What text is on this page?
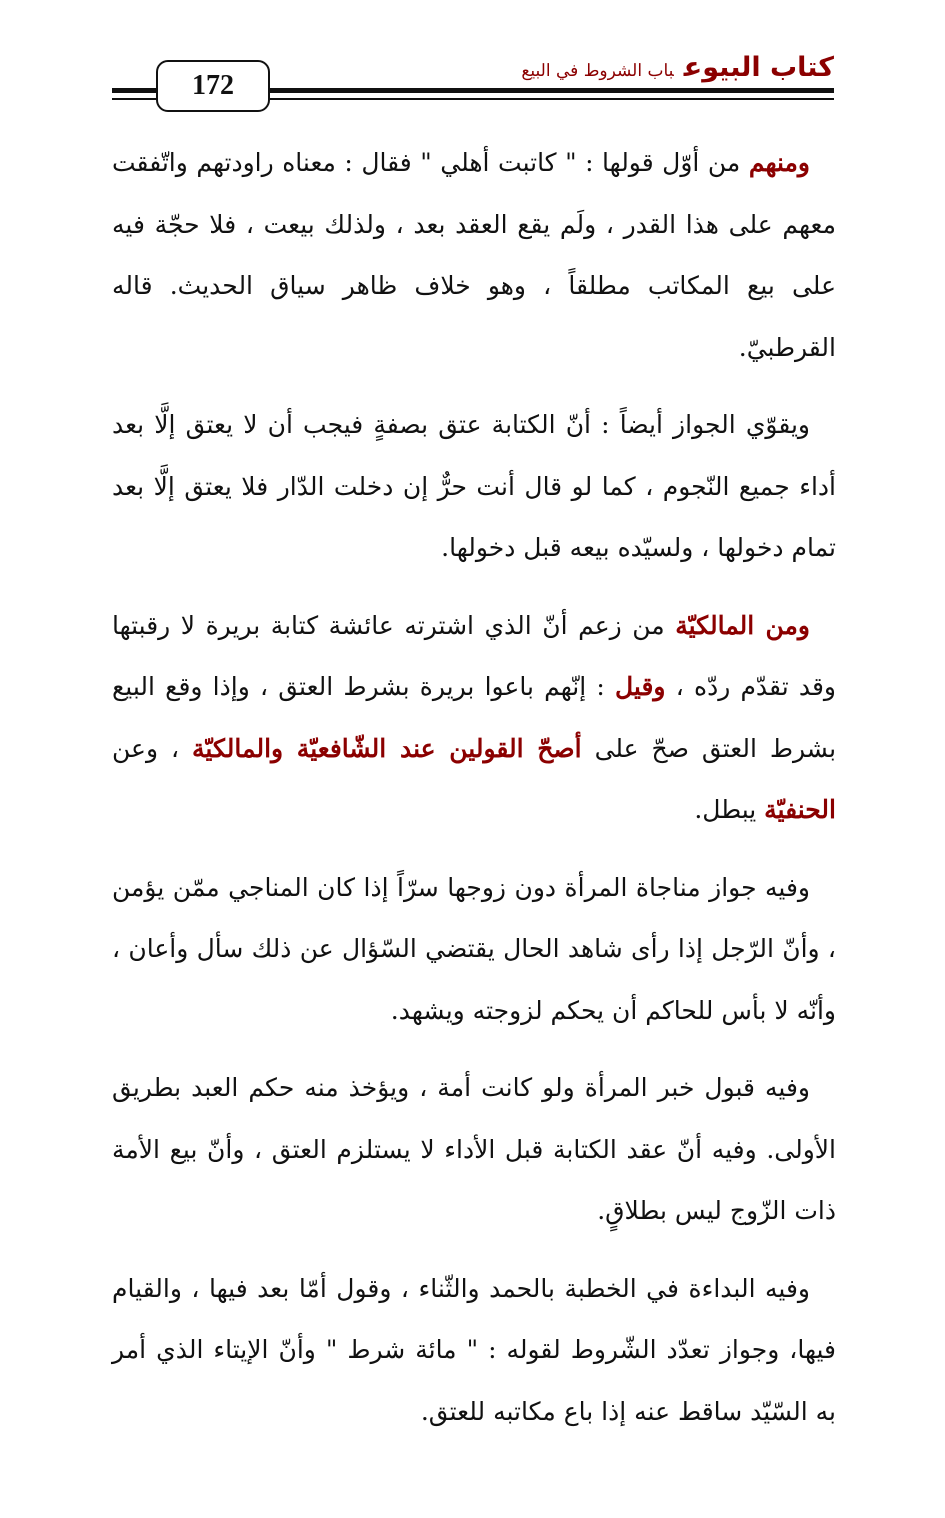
كتاب البيوعباب الشروط في البيع
172

ومنهم من أوّل قولها : " كاتبت أهلي " فقال : معناه راودتهم واتّفقت معهم على هذا القدر ، ولَم يقع العقد بعد ، ولذلك بيعت ، فلا حجّة فيه على بيع المكاتب مطلقاً ، وهو خلاف ظاهر سياق الحديث. قاله القرطبيّ.

ويقوّي الجواز أيضاً : أنّ الكتابة عتق بصفةٍ فيجب أن لا يعتق إلَّا بعد أداء جميع النّجوم ، كما لو قال أنت حرٌّ إن دخلت الدّار فلا يعتق إلَّا بعد تمام دخولها ، ولسيّده بيعه قبل دخولها.

ومن المالكيّة من زعم أنّ الذي اشترته عائشة كتابة بريرة لا رقبتها وقد تقدّم ردّه ، وقيل : إنّهم باعوا بريرة بشرط العتق ، وإذا وقع البيع بشرط العتق صحّ على أصحّ القولين عند الشّافعيّة والمالكيّة ، وعن الحنفيّة يبطل.

وفيه جواز مناجاة المرأة دون زوجها سرّاً إذا كان المناجي ممّن يؤمن ، وأنّ الرّجل إذا رأى شاهد الحال يقتضي السّؤال عن ذلك سأل وأعان ، وأنّه لا بأس للحاكم أن يحكم لزوجته ويشهد.

وفيه قبول خبر المرأة ولو كانت أمة ، ويؤخذ منه حكم العبد بطريق الأولى. وفيه أنّ عقد الكتابة قبل الأداء لا يستلزم العتق ، وأنّ بيع الأمة ذات الزّوج ليس بطلاقٍ.

وفيه البداءة في الخطبة بالحمد والثّناء ، وقول أمّا بعد فيها ، والقيام فيها، وجواز تعدّد الشّروط لقوله : " مائة شرط " وأنّ الإيتاء الذي أمر به السّيّد ساقط عنه إذا باع مكاتبه للعتق.
